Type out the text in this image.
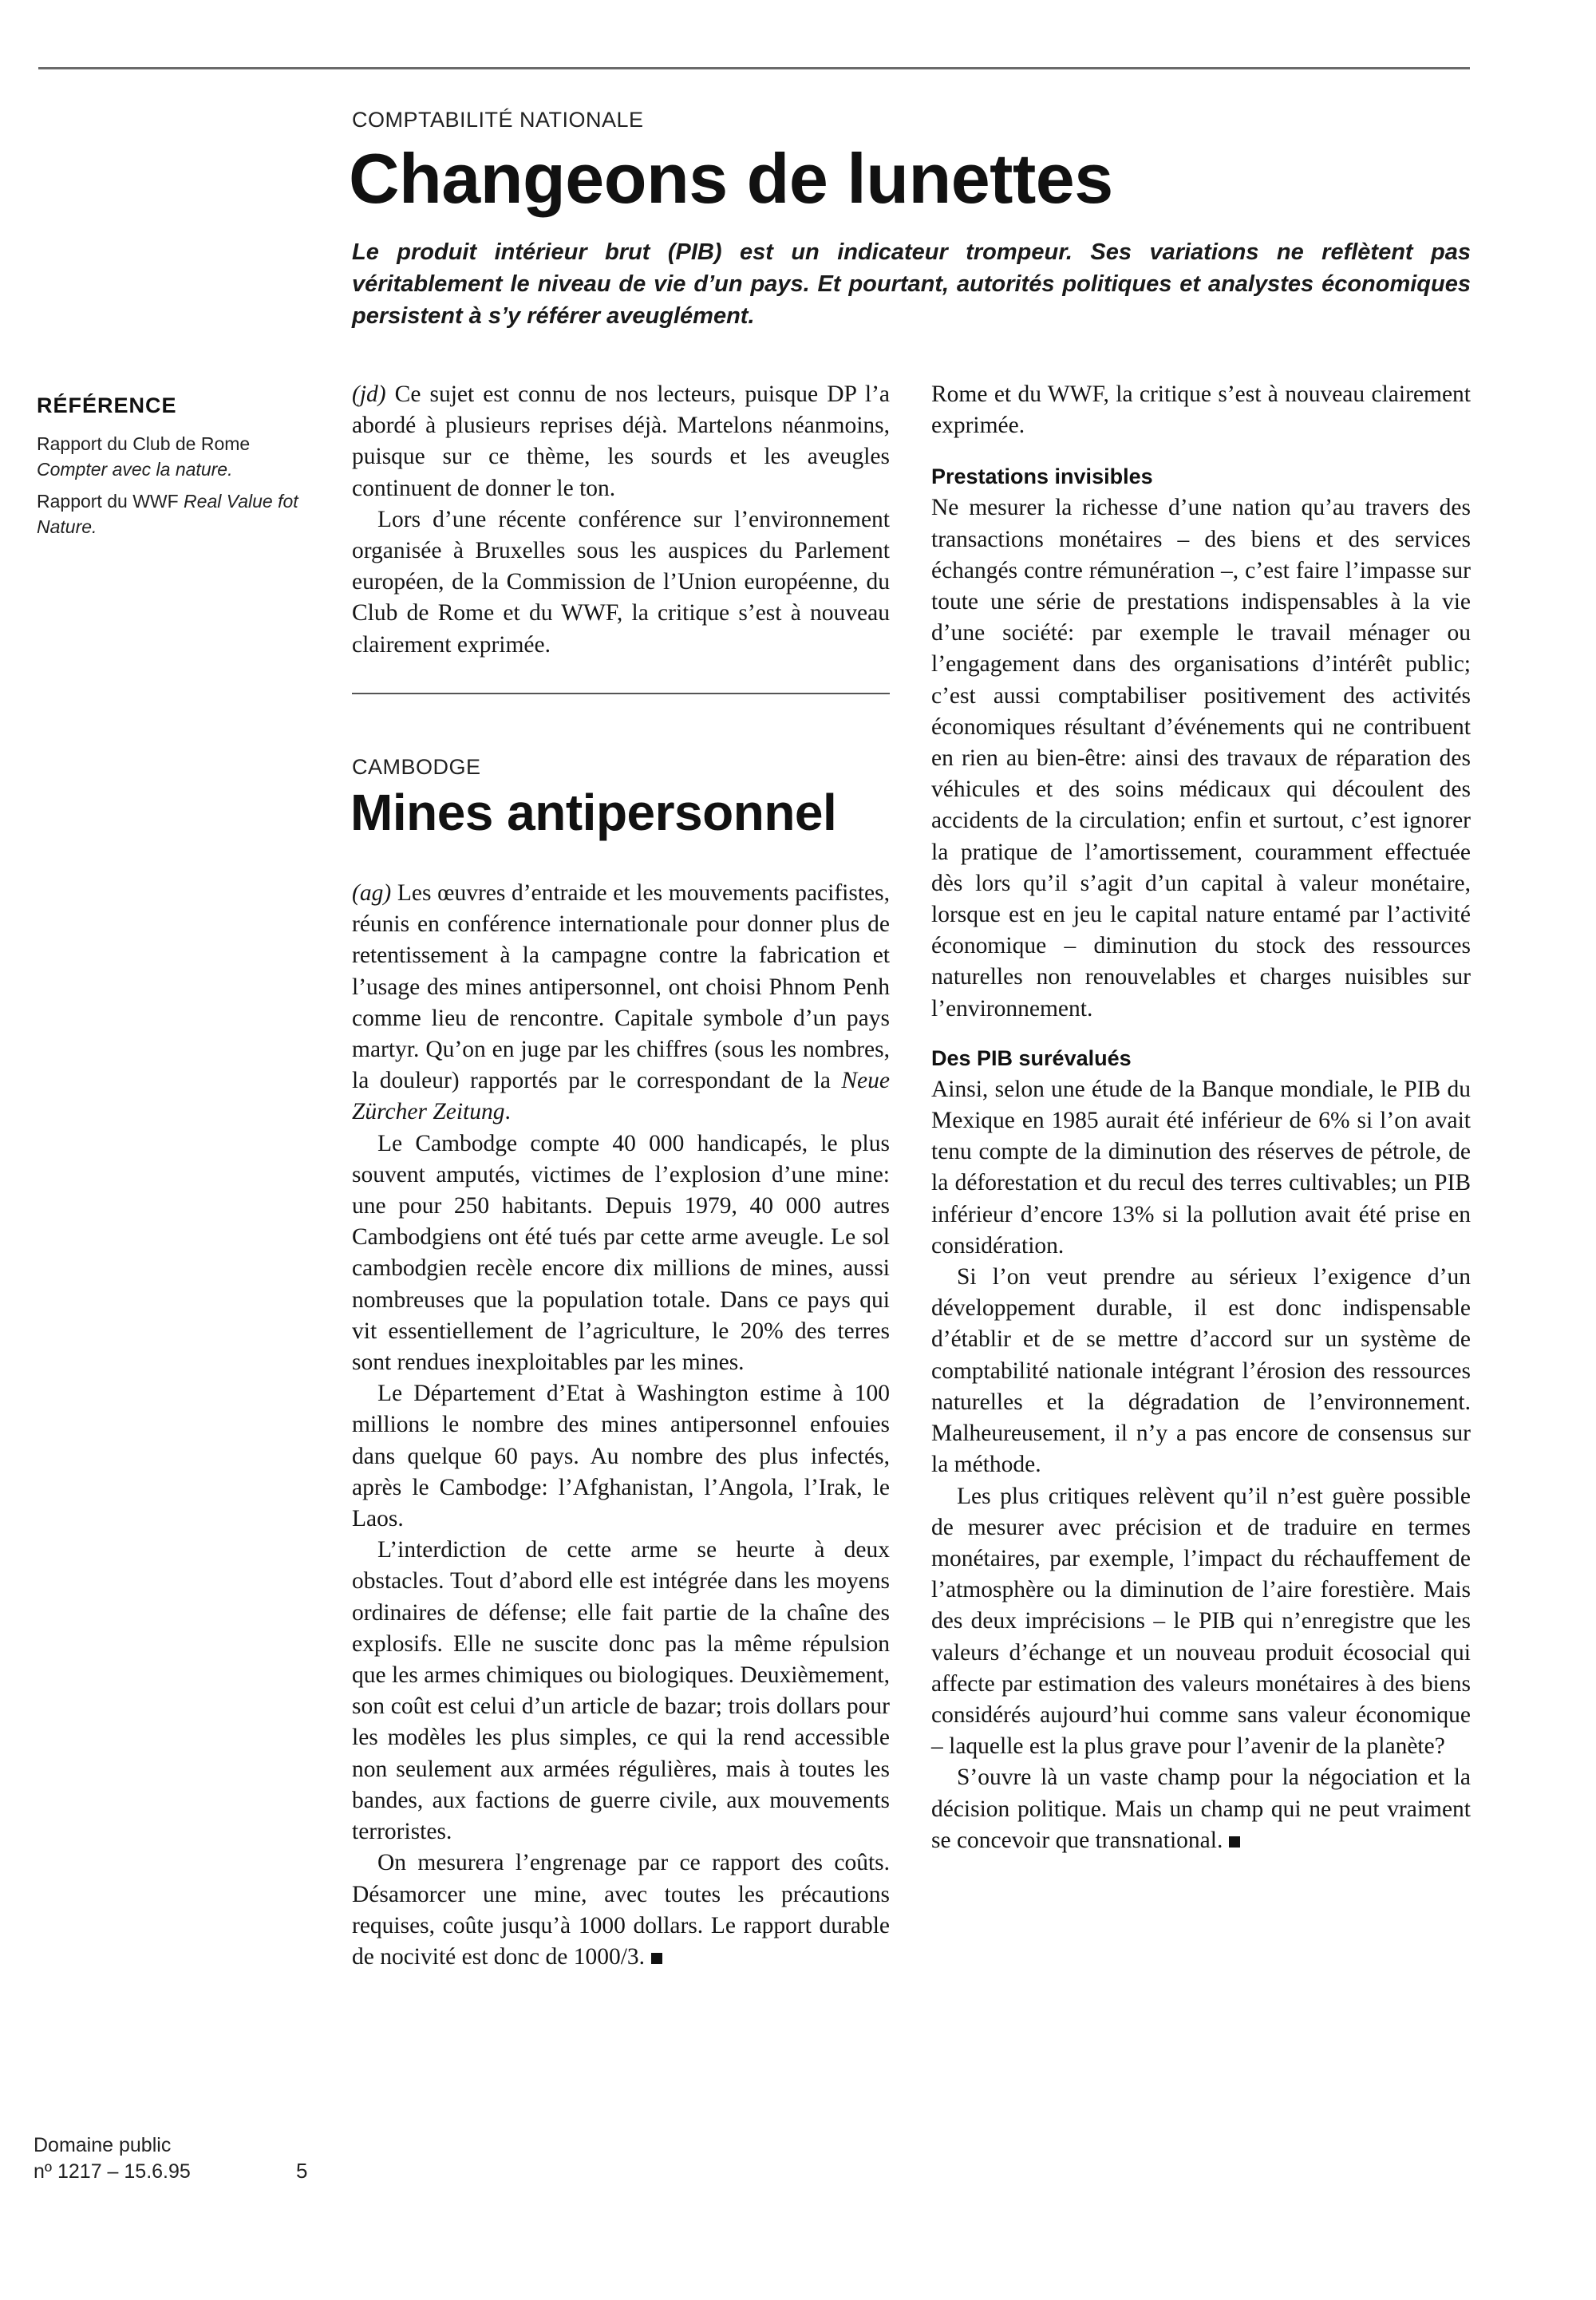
COMPTABILITÉ NATIONALE
Changeons de lunettes

Le produit intérieur brut (PIB) est un indicateur trompeur. Ses variations ne reflètent pas véritablement le niveau de vie d’un pays. Et pourtant, autorités politiques et analystes économiques persistent à s’y référer aveuglément.

RÉFÉRENCE
Rapport du Club de Rome Compter avec la nature.
Rapport du WWF Real Value fot Nature.

(jd) Ce sujet est connu de nos lecteurs, puisque DP l’a abordé à plusieurs reprises déjà. Martelons néanmoins, puisque sur ce thème, les sourds et les aveugles continuent de donner le ton.

Lors d’une récente conférence sur l’environnement organisée à Bruxelles sous les auspices du Parlement européen, de la Commission de l’Union européenne, du Club de Rome et du WWF, la critique s’est à nouveau clairement exprimée.

Rome et du WWF, la critique s’est à nouveau clairement exprimée.

Prestations invisibles

Ne mesurer la richesse d’une nation qu’au travers des transactions monétaires – des biens et des services échangés contre rémunération –, c’est faire l’impasse sur toute une série de prestations indispensables à la vie d’une société: par exemple le travail ménager ou l’engagement dans des organisations d’intérêt public; c’est aussi comptabiliser positivement des activités économiques résultant d’événements qui ne contribuent en rien au bien-être: ainsi des travaux de réparation des véhicules et des soins médicaux qui découlent des accidents de la circulation; enfin et surtout, c’est ignorer la pratique de l’amortissement, couramment effectuée dès lors qu’il s’agit d’un capital à valeur monétaire, lorsque est en jeu le capital nature entamé par l’activité économique – diminution du stock des ressources naturelles non renouvelables et charges nuisibles sur l’environnement.

Des PIB surévalués

Ainsi, selon une étude de la Banque mondiale, le PIB du Mexique en 1985 aurait été inférieur de 6% si l’on avait tenu compte de la diminution des réserves de pétrole, de la déforestation et du recul des terres cultivables; un PIB inférieur d’encore 13% si la pollution avait été prise en considération.

Si l’on veut prendre au sérieux l’exigence d’un développement durable, il est donc indispensable d’établir et de se mettre d’accord sur un système de comptabilité nationale intégrant l’érosion des ressources naturelles et la dégradation de l’environnement. Malheureusement, il n’y a pas encore de consensus sur la méthode.

Les plus critiques relèvent qu’il n’est guère possible de mesurer avec précision et de traduire en termes monétaires, par exemple, l’impact du réchauffement de l’atmosphère ou la diminution de l’aire forestière. Mais des deux imprécisions – le PIB qui n’enregistre que les valeurs d’échange et un nouveau produit écosocial qui affecte par estimation des valeurs monétaires à des biens considérés aujourd’hui comme sans valeur économique – laquelle est la plus grave pour l’avenir de la planète?

S’ouvre là un vaste champ pour la négociation et la décision politique. Mais un champ qui ne peut vraiment se concevoir que transnational.

CAMBODGE
Mines antipersonnel

(ag) Les œuvres d’entraide et les mouvements pacifistes, réunis en conférence internationale pour donner plus de retentissement à la campagne contre la fabrication et l’usage des mines antipersonnel, ont choisi Phnom Penh comme lieu de rencontre. Capitale symbole d’un pays martyr. Qu’on en juge par les chiffres (sous les nombres, la douleur) rapportés par le correspondant de la Neue Zürcher Zeitung.

Le Cambodge compte 40 000 handicapés, le plus souvent amputés, victimes de l’explosion d’une mine: une pour 250 habitants. Depuis 1979, 40 000 autres Cambodgiens ont été tués par cette arme aveugle. Le sol cambodgien recèle encore dix millions de mines, aussi nombreuses que la population totale. Dans ce pays qui vit essentiellement de l’agriculture, le 20% des terres sont rendues inexploitables par les mines.

Le Département d’Etat à Washington estime à 100 millions le nombre des mines antipersonnel enfouies dans quelque 60 pays. Au nombre des plus infectés, après le Cambodge: l’Afghanistan, l’Angola, l’Irak, le Laos.

L’interdiction de cette arme se heurte à deux obstacles. Tout d’abord elle est intégrée dans les moyens ordinaires de défense; elle fait partie de la chaîne des explosifs. Elle ne suscite donc pas la même répulsion que les armes chimiques ou biologiques. Deuxièmement, son coût est celui d’un article de bazar; trois dollars pour les modèles les plus simples, ce qui la rend accessible non seulement aux armées régulières, mais à toutes les bandes, aux factions de guerre civile, aux mouvements terroristes.

On mesurera l’engrenage par ce rapport des coûts. Désamorcer une mine, avec toutes les précautions requises, coûte jusqu’à 1000 dollars. Le rapport durable de nocivité est donc de 1000/3.

Domaine public
nº 1217 – 15.6.95	5
